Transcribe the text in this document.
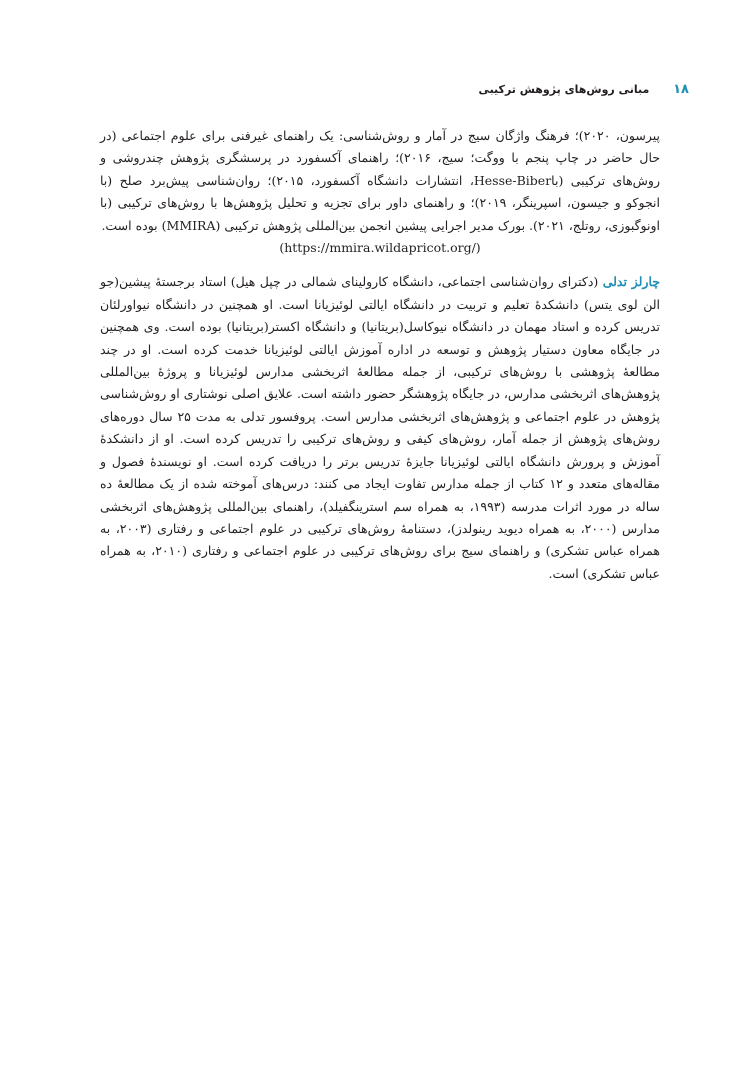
۱۸ مبانی روش‌های پژوهش ترکیبی

پیرسون، ۲۰۲۰)؛ فرهنگ واژگان سیج در آمار و روش‌شناسی: یک راهنمای غیرفنی برای علوم اجتماعی (در حال حاضر در چاپ پنجم با ووگت؛ سیج، ۲۰۱۶)؛ راهنمای آکسفورد در پرسشگری پژوهش چندروشی و روش‌های ترکیبی (باHesse-Biber، انتشارات دانشگاه آکسفورد، ۲۰۱۵)؛ روان‌شناسی پیش‌برد صلح (با انجوکو و جیسون، اسپرینگر، ۲۰۱۹)؛ و راهنمای داور برای تجزیه و تحلیل پژوهش‌ها با روش‌های ترکیبی (با اونوگبوزی، روتلج، ۲۰۲۱). بورک مدیر اجرایی پیشین انجمن بین‌المللی پژوهش ترکیبی (MMIRA) بوده است.
(https://mmira.wildapricot.org/)

چارلز تدلی (دکترای روان‌شناسی اجتماعی، دانشگاه کارولینای شمالی در چپل هیل) استاد برجستهٔ پیشین(جو الن لوی یتس) دانشکدهٔ تعلیم و تربیت در دانشگاه ایالتی لوئیزیانا است. او همچنین در دانشگاه نیواورلئان تدریس کرده و استاد مهمان در دانشگاه نیوکاسل(بریتانیا) و دانشگاه اکستر(بریتانیا) بوده است. وی همچنین در جایگاه معاون دستیار پژوهش و توسعه در اداره آموزش ایالتی لوئیزیانا خدمت کرده است. او در چند مطالعهٔ پژوهشی با روش‌های ترکیبی، از جمله مطالعهٔ اثربخشی مدارس لوئیزیانا و پروژهٔ بین‌المللی پژوهش‌های اثربخشی مدارس، در جایگاه پژوهشگر حضور داشته است. علایق اصلی نوشتاری او روش‌شناسی پژوهش در علوم اجتماعی و پژوهش‌های اثربخشی مدارس است. پروفسور تدلی به مدت ۲۵ سال دوره‌های روش‌های پژوهش از جمله آمار، روش‌های کیفی و روش‌های ترکیبی را تدریس کرده است. او از دانشکدهٔ آموزش و پرورش دانشگاه ایالتی لوئیزیانا جایزهٔ تدریس برتر را دریافت کرده است. او نویسندهٔ فصول و مقاله‌های متعدد و ۱۲ کتاب از جمله مدارس تفاوت ایجاد می کنند: درس‌های آموخته شده از یک مطالعهٔ ده ساله در مورد اثرات مدرسه (۱۹۹۳، به همراه سم استرینگفیلد)، راهنمای بین‌المللی پژوهش‌های اثربخشی مدارس (۲۰۰۰، به همراه دیوید رینولدز)، دستنامهٔ روش‌های ترکیبی در علوم اجتماعی و رفتاری (۲۰۰۳، به همراه عباس تشکری) و راهنمای سیج برای روش‌های ترکیبی در علوم اجتماعی و رفتاری (۲۰۱۰، به همراه عباس تشکری) است.
